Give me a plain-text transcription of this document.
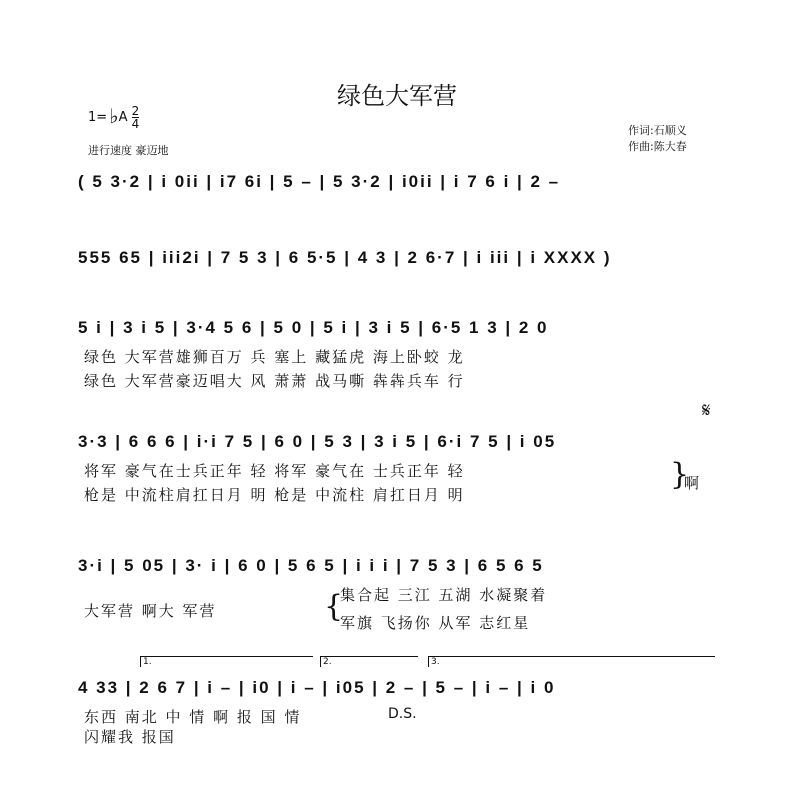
绿色大军营
1= ♭A $\frac{2}{4}$
进行速度 豪迈地
作词:石顺义
作曲:陈大春
( 5 3·2 | i 0ii | i7 6i | 5 – | 5 3·2 | i0ii | i 7 6 i | 2 –
555 65 | iii2i | 7 5 3 | 6 5·5 | 4 3 | 2 6·7 | i iii | i XXXX )
5 i | 3 i 5 | 3·4 5 6 | 5 0 | 5 i | 3 i 5 | 6·5 1 3 | 2 0
绿色 大军营雄狮百万 兵 塞上 藏猛虎 海上卧蛟 龙
绿色 大军营豪迈唱大 风 萧萧 战马嘶 犇犇兵车 行
𝄋
3·3 | 6 6 6 | i·i 7 5 | 6 0 | 5 3 | 3 i 5 | 6·i 7 5 | i 05
将军 豪气在士兵正年 轻 将军 豪气在 士兵正年 轻
枪是 中流柱肩扛日月 明 枪是 中流柱 肩扛日月 明
}
啊
3·i | 5 05 | 3· i | 6 0 | 5 6 5 | i i i | 7 5 3 | 6 5 6 5
大军营 啊大 军营	{
集合起 三江 五湖 水凝聚着
军旗 飞扬你 从军 志红星
1.	2.	3.
4 33 | 2 6 7 | i – | i0 | i – | i05 | 2 – | 5 – | i – | i 0
东西 南北 中 情 啊 报 国 情
闪耀我 报国
D.S.
